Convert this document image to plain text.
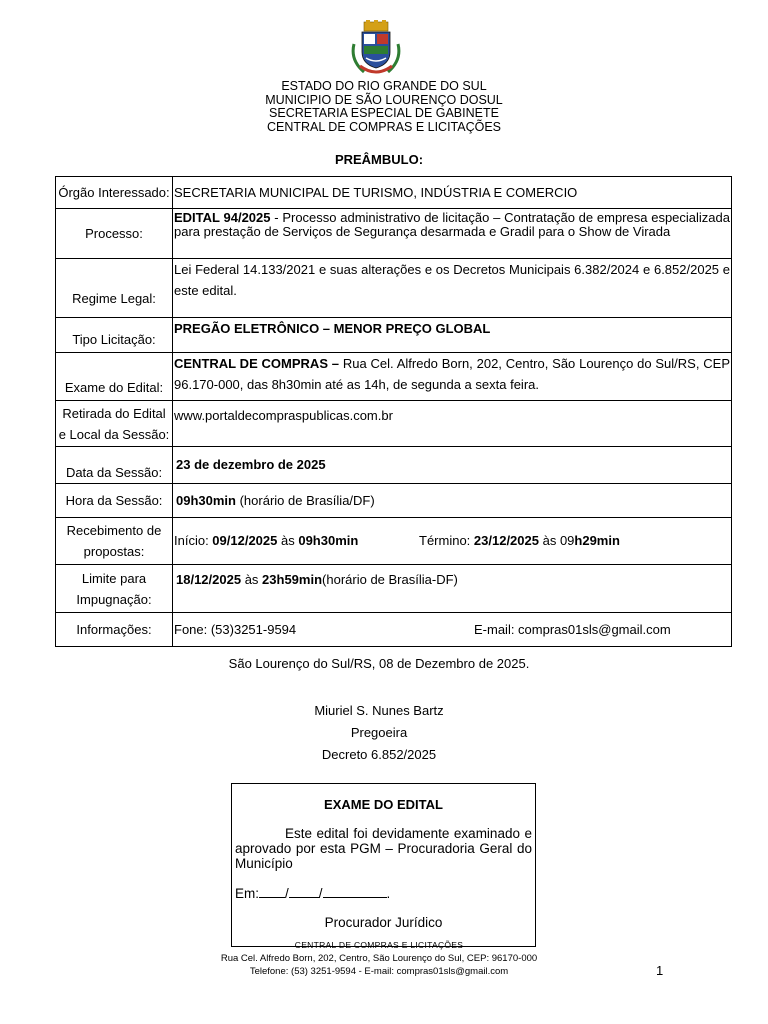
ESTADO DO RIO GRANDE DO SUL
MUNICIPIO DE SÃO LOURENÇO DOSUL
SECRETARIA ESPECIAL DE GABINETE
CENTRAL DE COMPRAS E LICITAÇÕES
PREÂMBULO:
Órgão Interessado:	SECRETARIA MUNICIPAL DE TURISMO, INDÚSTRIA E COMERCIO
Processo:	EDITAL 94/2025 - Processo administrativo de licitação – Contratação de empresa especializada para prestação de Serviços de Segurança desarmada e Gradil para o Show de Virada
Regime Legal:	Lei Federal 14.133/2021 e suas alterações e os Decretos Municipais 6.382/2024 e 6.852/2025 e este edital.
Tipo Licitação:	PREGÃO ELETRÔNICO – MENOR PREÇO GLOBAL
Exame do Edital:	CENTRAL DE COMPRAS – Rua Cel. Alfredo Born, 202, Centro, São Lourenço do Sul/RS, CEP 96.170-000, das 8h30min até as 14h, de segunda a sexta feira.

Retirada do Edital
e Local da Sessão:	www.portaldecompraspublicas.com.br
Data da Sessão:	23 de dezembro de 2025
Hora da Sessão:	09h30min (horário de Brasília/DF)

Recebimento de
propostas:	Início: 09/12/2025 às 09h30min Término: 23/12/2025 às 09h29min

Limite para
Impugnação:	18/12/2025 às 23h59min(horário de Brasília-DF)
Informações:	Fone: (53)3251-9594 E-mail: compras01sls@gmail.com
São Lourenço do Sul/RS, 08 de Dezembro de 2025.
Miuriel S. Nunes Bartz
Pregoeira
Decreto 6.852/2025
EXAME DO EDITAL
Este edital foi devidamente examinado e aprovado por esta PGM – Procuradoria Geral do Município
Em: / /	.
Procurador Jurídico
CENTRAL DE COMPRAS E LICITAÇÕES
Rua Cel. Alfredo Born, 202, Centro, São Lourenço do Sul, CEP: 96170-000
Telefone: (53) 3251-9594 - E-mail: compras01sls@gmail.com	1
